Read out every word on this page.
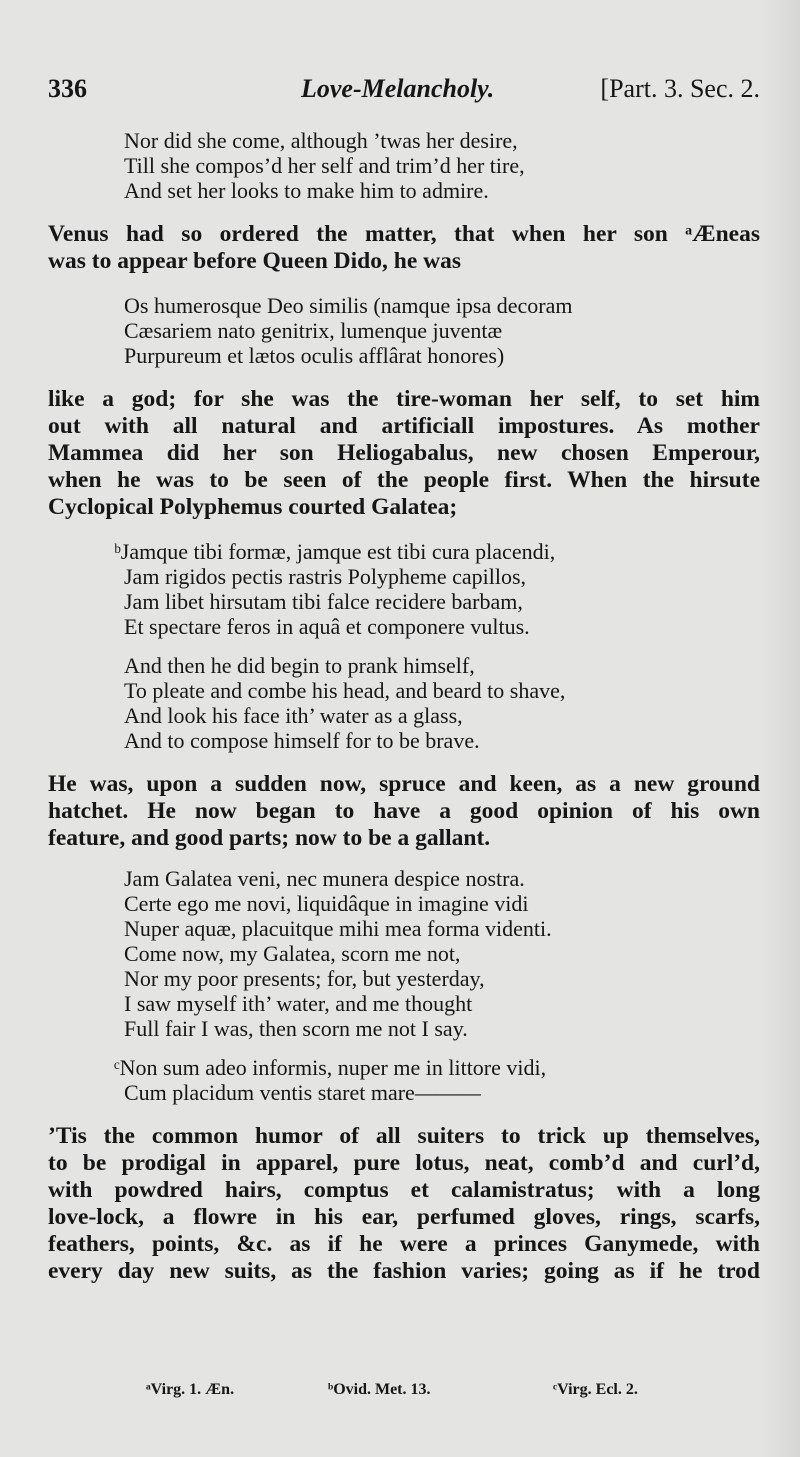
336	Love-Melancholy.	[Part. 3. Sec. 2.
Nor did she come, although ’twas her desire,
Till she compos’d her self and trim’d her tire,
And set her looks to make him to admire.
Venus had so ordered the matter, that when her son ᵃÆneas
was to appear before Queen Dido, he was
Os humerosque Deo similis (namque ipsa decoram
Cæsariem nato genitrix, lumenque juventæ
Purpureum et lætos oculis afflârat honores)
like a god; for she was the tire-woman her self, to set him
out with all natural and artificiall impostures. As mother
Mammea did her son Heliogabalus, new chosen Emperour,
when he was to be seen of the people first. When the hirsute
Cyclopical Polyphemus courted Galatea;
ᵇJamque tibi formæ, jamque est tibi cura placendi,
Jam rigidos pectis rastris Polypheme capillos,
Jam libet hirsutam tibi falce recidere barbam,
Et spectare feros in aquâ et componere vultus.
And then he did begin to prank himself,
To pleate and combe his head, and beard to shave,
And look his face ith’ water as a glass,
And to compose himself for to be brave.
He was, upon a sudden now, spruce and keen, as a new ground
hatchet. He now began to have a good opinion of his own
feature, and good parts; now to be a gallant.
Jam Galatea veni, nec munera despice nostra.
Certe ego me novi, liquidâque in imagine vidi
Nuper aquæ, placuitque mihi mea forma videnti.
Come now, my Galatea, scorn me not,
Nor my poor presents; for, but yesterday,
I saw myself ith’ water, and me thought
Full fair I was, then scorn me not I say.
ᶜNon sum adeo informis, nuper me in littore vidi,
Cum placidum ventis staret mare———
’Tis the common humor of all suiters to trick up themselves,
to be prodigal in apparel, pure lotus, neat, comb’d and curl’d,
with powdred hairs, comptus et calamistratus; with a long
love-lock, a flowre in his ear, perfumed gloves, rings, scarfs,
feathers, points, &c. as if he were a princes Ganymede, with
every day new suits, as the fashion varies; going as if he trod
ᵃVirg. 1. Æn.	ᵇOvid. Met. 13.	ᶜVirg. Ecl. 2.
